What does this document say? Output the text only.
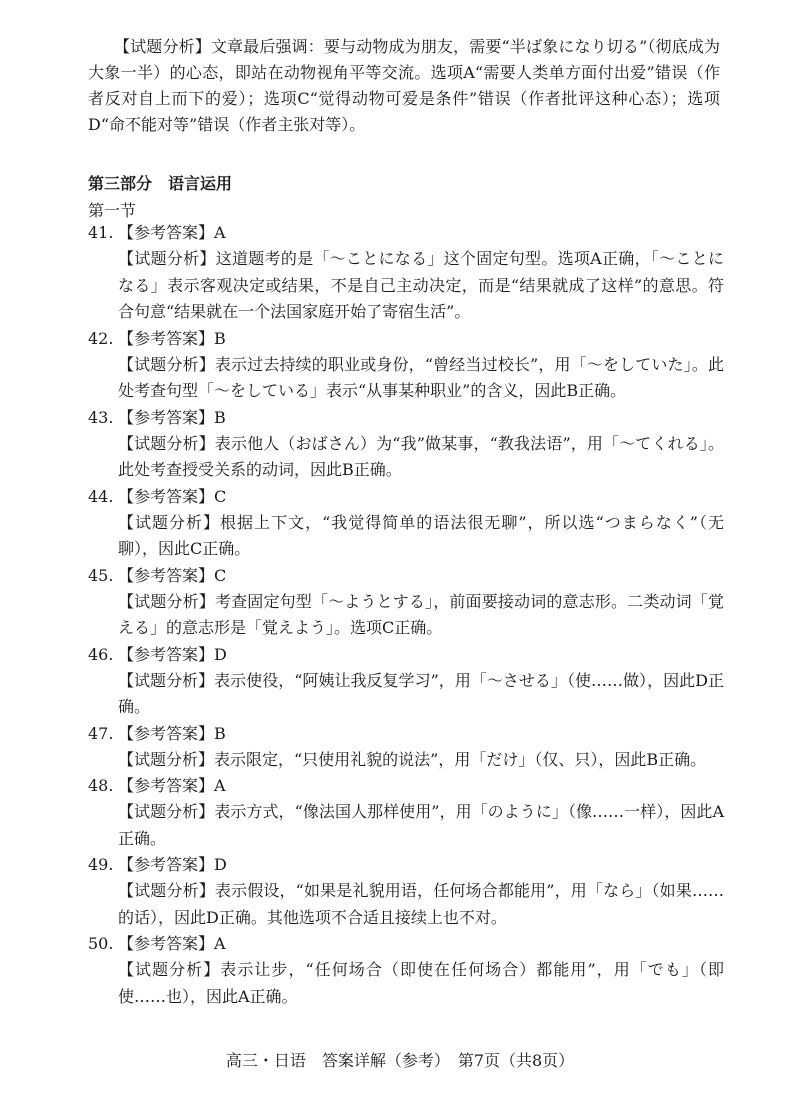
【试题分析】文章最后强调：要与动物成为朋友，需要“半ば象になり切る”（彻底成为大象一半）的心态，即站在动物视角平等交流。选项A“需要人类单方面付出爱”错误（作者反对自上而下的爱）；选项C“觉得动物可爱是条件”错误（作者批评这种心态）；选项D“命不能对等”错误（作者主张对等）。

第三部分　语言运用
第一节
41. 【参考答案】A
【试题分析】这道题考的是「～ことになる」这个固定句型。选项A正确，「～ことになる」表示客观决定或结果，不是自己主动决定，而是“结果就成了这样”的意思。符合句意“结果就在一个法国家庭开始了寄宿生活”。
42. 【参考答案】B
【试题分析】表示过去持续的职业或身份，“曾经当过校长”，用「～をしていた」。此处考查句型「～をしている」表示“从事某种职业”的含义，因此B正确。
43. 【参考答案】B
【试题分析】表示他人（おばさん）为“我”做某事，“教我法语”，用「～てくれる」。此处考查授受关系的动词，因此B正确。
44. 【参考答案】C
【试题分析】根据上下文，“我觉得简单的语法很无聊”，所以选“つまらなく”（无聊），因此C正确。
45. 【参考答案】C
【试题分析】考查固定句型「～ようとする」，前面要接动词的意志形。二类动词「覚える」的意志形是「覚えよう」。选项C正确。
46. 【参考答案】D
【试题分析】表示使役，“阿姨让我反复学习”，用「～させる」（使……做），因此D正确。
47. 【参考答案】B
【试题分析】表示限定，“只使用礼貌的说法”，用「だけ」（仅、只），因此B正确。
48. 【参考答案】A
【试题分析】表示方式，“像法国人那样使用”，用「のように」（像……一样），因此A正确。
49. 【参考答案】D
【试题分析】表示假设，“如果是礼貌用语，任何场合都能用”，用「なら」（如果……的话），因此D正确。其他选项不合适且接续上也不对。
50. 【参考答案】A
【试题分析】表示让步，“任何场合（即使在任何场合）都能用”，用「でも」（即使……也），因此A正确。
高三・日语　答案详解（参考）　第7页（共8页）
